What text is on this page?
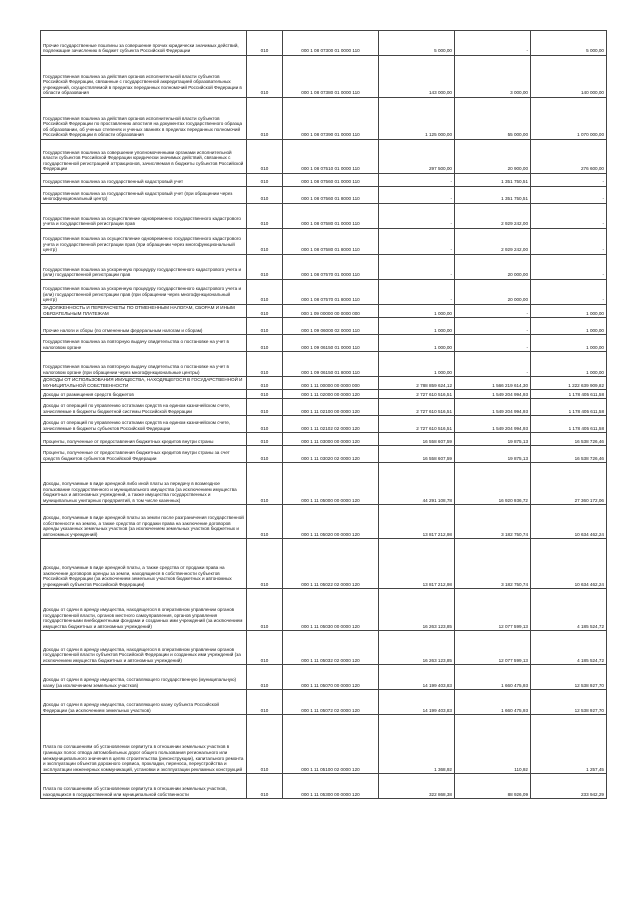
Прочие государственные пошлины за совершение прочих юридически значимых действий, подлежащие зачислению в бюджет субъекта Российской Федерации	010	000 1 08 07300 01 0000 110	5 000,00	-	5 000,00
Государственная пошлина за действия органов исполнительной власти субъектов Российской Федерации, связанные с государственной аккредитацией образовательных учреждений, осуществляемой в пределах переданных полномочий Российской Федерации в области образования	010	000 1 08 07380 01 0000 110	143 000,00	3 000,00	140 000,00
Государственная пошлина за действия органов исполнительной власти субъектов Российской Федерации по проставлению апостиля на документах государственного образца об образовании, об ученых степенях и ученых званиях в пределах переданных полномочий Российской Федерации в области образования	010	000 1 08 07390 01 0000 110	1 125 000,00	55 000,00	1 070 000,00
Государственная пошлина за совершение уполномоченными органами исполнительной власти субъектов Российской Федерации юридически значимых действий, связанных с государственной регистрацией аттракционов, зачисляемая в бюджеты субъектов Российской Федерации	010	000 1 08 07510 01 0000 110	297 500,00	20 900,00	276 600,00
Государственная пошлина за государственный кадастровый учет	010	000 1 08 07560 01 0000 110	-	1 351 750,51	-
Государственная пошлина за государственный кадастровый учет (при обращении через многофункциональный центр)	010	000 1 08 07560 01 8000 110	-	1 351 750,51	-
Государственная пошлина за осуществление одновременно государственного кадастрового учета и государственной регистрации прав	010	000 1 08 07580 01 0000 110	-	2 929 242,00	-
Государственная пошлина за осуществление одновременно государственного кадастрового учета и государственной регистрации прав (при обращении через многофункциональный центр)	010	000 1 08 07580 01 8000 110	-	2 929 242,00	-
Государственная пошлина за ускоренную процедуру государственного кадастрового учета и (или) государственной регистрации прав	010	000 1 08 07570 01 0000 110	-	20 000,00	-
Государственная пошлина за ускоренную процедуру государственного кадастрового учета и (или) государственной регистрации прав (при обращении через многофункциональный центр)	010	000 1 08 07570 01 8000 110	-	20 000,00	-
ЗАДОЛЖЕННОСТЬ И ПЕРЕРАСЧЕТЫ ПО ОТМЕНЕННЫМ НАЛОГАМ, СБОРАМ И ИНЫМ ОБЯЗАТЕЛЬНЫМ ПЛАТЕЖАМ	010	000 1 09 00000 00 0000 000	1 000,00	-	1 000,00
Прочие налоги и сборы (по отмененным федеральным налогам и сборам)	010	000 1 09 06000 02 0000 110	1 000,00	-	1 000,00
Государственная пошлина за повторную выдачу свидетельства о постановке на учет в налоговом органе	010	000 1 09 06150 01 0000 110	1 000,00	-	1 000,00
Государственная пошлина за повторную выдачу свидетельства о постановке на учет в налоговом органе (при обращении через многофункциональные центры)	010	000 1 09 06150 01 8000 110	1 000,00	-	1 000,00
ДОХОДЫ ОТ ИСПОЛЬЗОВАНИЯ ИМУЩЕСТВА, НАХОДЯЩЕГОСЯ В ГОСУДАРСТВЕННОЙ И МУНИЦИПАЛЬНОЙ СОБСТВЕННОСТИ	010	000 1 11 00000 00 0000 000	2 788 859 624,12	1 566 219 614,30	1 222 639 909,82
Доходы от размещения средств бюджетов	010	000 1 11 02000 00 0000 120	2 727 610 516,51	1 549 204 994,93	1 178 405 611,58
Доходы от операций по управлению остатками средств на едином казначейском счете, зачисляемые в бюджеты бюджетной системы Российской Федерации	010	000 1 11 02100 00 0000 120	2 727 610 516,51	1 549 204 994,93	1 178 405 611,58
Доходы от операций по управлению остатками средств на едином казначейском счете, зачисляемые в бюджеты субъектов Российской Федерации	010	000 1 11 02102 02 0000 120	2 727 610 516,51	1 549 204 994,93	1 178 405 611,58
Проценты, полученные от предоставления бюджетных кредитов внутри страны	010	000 1 11 03000 00 0000 120	16 558 607,59	19 875,13	16 538 726,46
Проценты, полученные от предоставления бюджетных кредитов внутри страны за счет средств бюджетов субъектов Российской Федерации	010	000 1 11 03020 02 0000 120	16 558 607,59	19 875,13	16 538 726,46
Доходы, получаемые в виде арендной либо иной платы за передачу в возмездное пользование государственного и муниципального имущества (за исключением имущества бюджетных и автономных учреждений, а также имущества государственных и муниципальных унитарных предприятий, в том числе казенных)	010	000 1 11 05000 00 0000 120	44 291 108,78	16 920 936,72	27 360 172,06
Доходы, получаемые в виде арендной платы за земли после разграничения государственной собственности на землю, а также средства от продажи права на заключение договоров аренды указанных земельных участков (за исключением земельных участков бюджетных и автономных учреждений)	010	000 1 11 05020 00 0000 120	13 817 212,98	3 182 750,74	10 634 462,24
Доходы, получаемые в виде арендной платы, а также средства от продажи права на заключение договоров аренды за земли, находящиеся в собственности субъектов Российской Федерации (за исключением земельных участков бюджетных и автономных учреждений субъектов Российской Федерации)	010	000 1 11 05022 02 0000 120	13 817 212,98	3 182 750,74	10 634 462,24
Доходы от сдачи в аренду имущества, находящегося в оперативном управлении органов государственной власти, органов местного самоуправления, органов управления государственными внебюджетными фондами и созданных ими учреждений (за исключением имущества бюджетных и автономных учреждений)	010	000 1 11 05030 00 0000 120	16 263 123,85	12 077 599,13	4 185 524,72
Доходы от сдачи в аренду имущества, находящегося в оперативном управлении органов государственной власти субъектов Российской Федерации и созданных ими учреждений (за исключением имущества бюджетных и автономных учреждений)	010	000 1 11 05032 02 0000 120	16 263 123,85	12 077 599,13	4 185 524,72
Доходы от сдачи в аренду имущества, составляющего государственную (муниципальную) казну (за исключением земельных участков)	010	000 1 11 05070 00 0000 120	14 199 403,83	1 660 475,93	12 538 927,70
Доходы от сдачи в аренду имущества, составляющего казну субъекта Российской Федерации (за исключением земельных участков)	010	000 1 11 05072 02 0000 120	14 199 403,83	1 660 475,93	12 538 927,70
Плата по соглашениям об установлении сервитута в отношении земельных участков в границах полос отвода автомобильных дорог общего пользования регионального или межмуниципального значения в целях строительства (реконструкции), капитального ремонта и эксплуатации объектов дорожного сервиса, прокладки, переноса, переустройства и эксплуатации инженерных коммуникаций, установки и эксплуатации рекламных конструкций	010	000 1 11 05100 02 0000 120	1 368,92	110,92	1 257,45
Плата по соглашениям об установлении сервитута в отношении земельных участков, находящихся в государственной или муниципальной собственности	010	000 1 11 05300 00 0000 120	322 868,38	88 926,09	233 942,29
